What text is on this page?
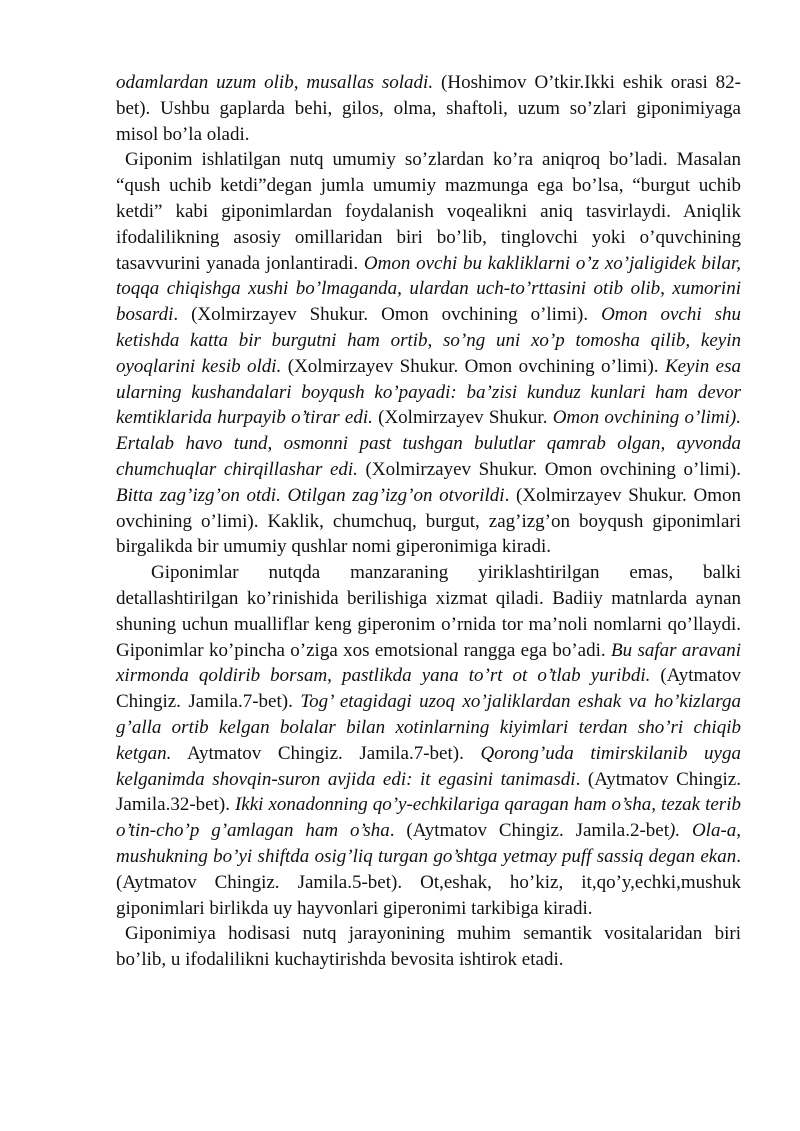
odamlardan uzum olib, musallas soladi. (Hoshimov O’tkir.Ikki eshik orasi 82-bet). Ushbu gaplarda behi, gilos, olma, shaftoli, uzum so’zlari giponimiyaga misol bo’la oladi.

Giponim ishlatilgan nutq umumiy so’zlardan ko’ra aniqroq bo’ladi. Masalan “qush uchib ketdi”degan jumla umumiy mazmunga ega bo’lsa, “burgut uchib ketdi” kabi giponimlardan foydalanish voqealikni aniq tasvirlaydi. Aniqlik ifodalilikning asosiy omillaridan biri bo’lib, tinglovchi yoki o’quvchining tasavvurini yanada jonlantiradi. Omon ovchi bu kakliklarni o’z xo’jaligidek bilar, toqqa chiqishga xushi bo’lmaganda, ulardan uch-to’rttasini otib olib, xumorini bosardi. (Xolmirzayev Shukur. Omon ovchining o’limi). Omon ovchi shu ketishda katta bir burgutni ham ortib, so’ng uni xo’p tomosha qilib, keyin oyoqlarini kesib oldi. (Xolmirzayev Shukur. Omon ovchining o’limi). Keyin esa ularning kushandalari boyqush ko’payadi: ba’zisi kunduz kunlari ham devor kemtiklarida hurpayib o’tirar edi. (Xolmirzayev Shukur. Omon ovchining o’limi). Ertalab havo tund, osmonni past tushgan bulutlar qamrab olgan, ayvonda chumchuqlar chirqillashar edi. (Xolmirzayev Shukur. Omon ovchining o’limi). Bitta zag’izg’on otdi. Otilgan zag’izg’on otvorildi. (Xolmirzayev Shukur. Omon ovchining o’limi). Kaklik, chumchuq, burgut, zag’izg’on boyqush giponimlari birgalikda bir umumiy qushlar nomi giperonimiga kiradi.

Giponimlar nutqda manzaraning yiriklashtirilgan emas, balki detallashtirilgan ko’rinishida berilishiga xizmat qiladi. Badiiy matnlarda aynan shuning uchun mualliflar keng giperonim o’rnida tor ma’noli nomlarni qo’llaydi. Giponimlar ko’pincha o’ziga xos emotsional rangga ega bo’adi. Bu safar aravani xirmonda qoldirib borsam, pastlikda yana to’rt ot o’tlab yuribdi. (Aytmatov Chingiz. Jamila.7-bet). Tog’ etagidagi uzoq xo’jaliklardan eshak va ho’kizlarga g’alla ortib kelgan bolalar bilan xotinlarning kiyimlari terdan sho’ri chiqib ketgan. Aytmatov Chingiz. Jamila.7-bet). Qorong’uda timirskilanib uyga kelganimda shovqin-suron avjida edi: it egasini tanimasdi. (Aytmatov Chingiz. Jamila.32-bet). Ikki xonadonning qo’y-echkilariga qaragan ham o’sha, tezak terib o’tin-cho’p g’amlagan ham o’sha. (Aytmatov Chingiz. Jamila.2-bet). Ola-a, mushukning bo’yi shiftda osig’liq turgan go’shtga yetmay puff sassiq degan ekan. (Aytmatov Chingiz. Jamila.5-bet). Ot,eshak, ho’kiz, it,qo’y,echki,mushuk giponimlari birlikda uy hayvonlari giperonimi tarkibiga kiradi.

Giponimiya hodisasi nutq jarayonining muhim semantik vositalaridan biri bo’lib, u ifodalilikni kuchaytirishda bevosita ishtirok etadi.
